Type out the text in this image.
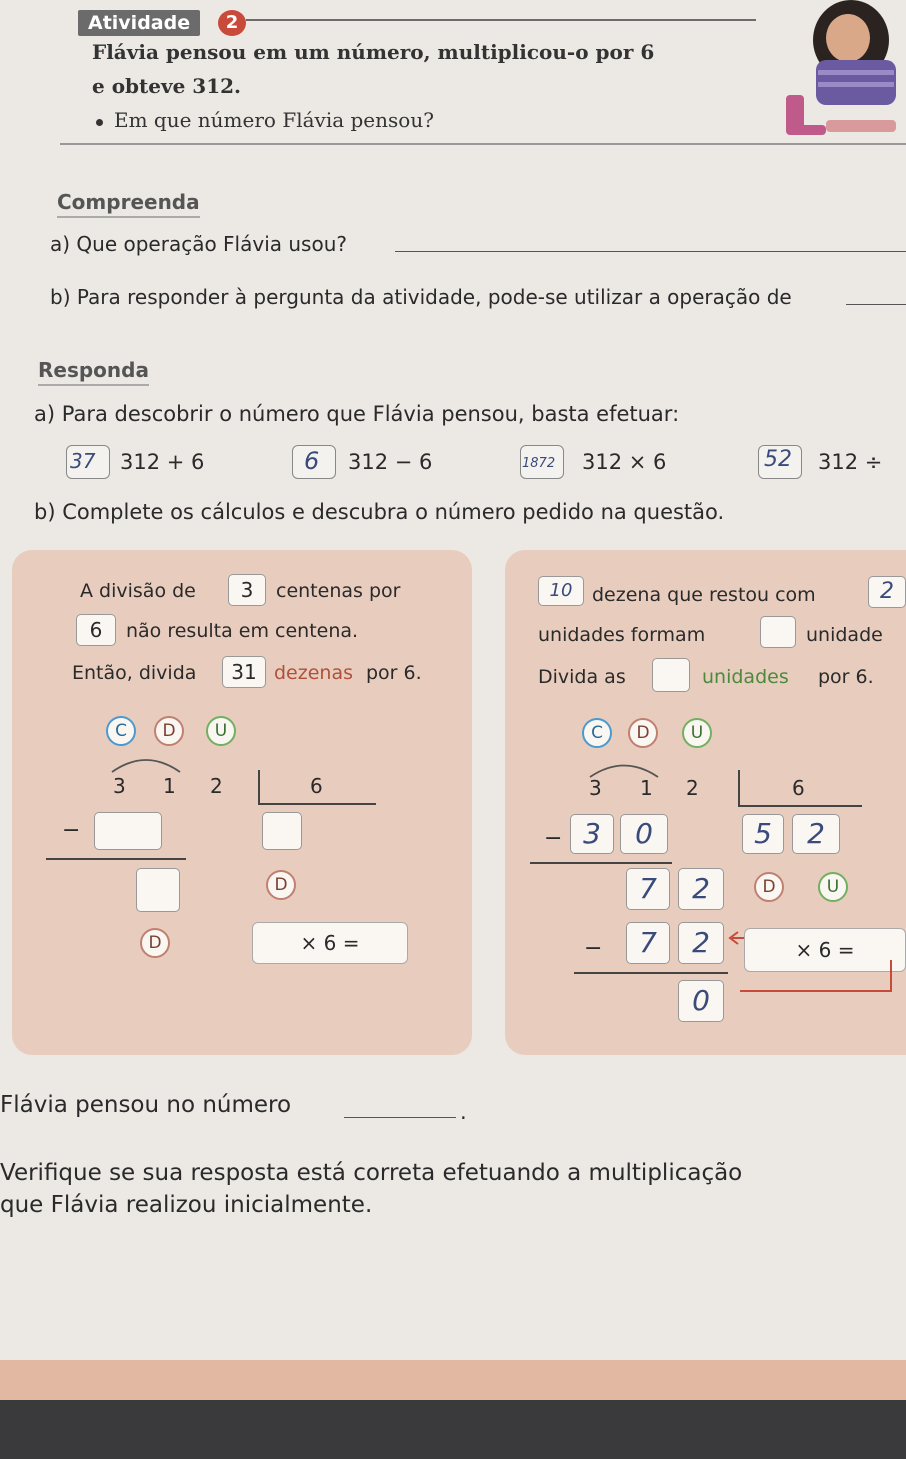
Atividade	2
Flávia pensou em um número, multiplicou-o por 6
e obteve 312.
Em que número Flávia pensou?
Compreenda
a) Que operação Flávia usou?
b) Para responder à pergunta da atividade, pode-se utilizar a operação de
Responda
a) Para descobrir o número que Flávia pensou, basta efetuar:
37 312 + 6	6 312 − 6	1872 312 × 6	52 312 ÷
b) Complete os cálculos e descubra o número pedido na questão.
A divisão de	3	centenas por
6	não resulta em centena.
Então, divida	31 dezenas por 6.
C	D	U
3 1 2	6
−
D
D	× 6 =
10	dezena que restou com	2
unidades formam	unidade
Divida as	unidades por 6.
C	D	U
3 1 2	6
− 3	0	5	2
D	U
7	2
−	7	2
0
× 6 =
Flávia pensou no número	.
Verifique se sua resposta está correta efetuando a multiplicação
que Flávia realizou inicialmente.
